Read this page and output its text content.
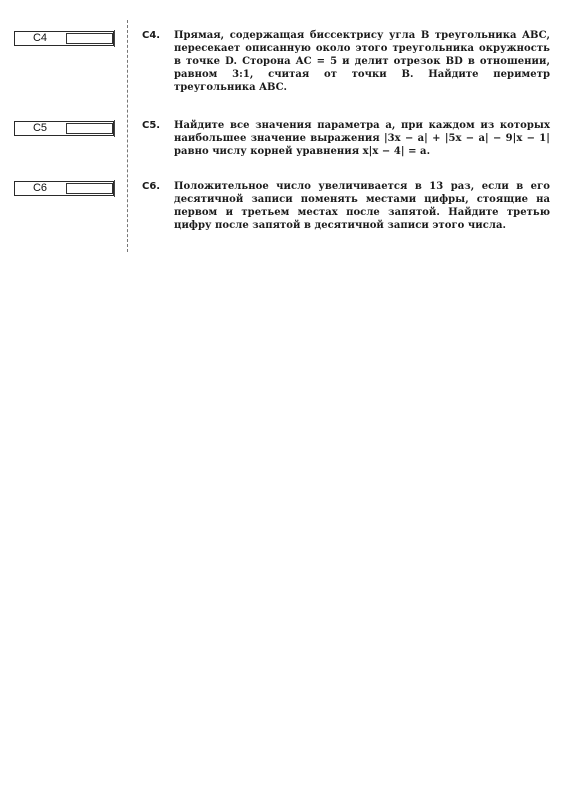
C4
C5
C6
C4. Прямая, содержащая биссектрису угла B треугольника ABC, пересекает описанную около этого треугольника окружность в точке D. Сторона AC = 5 и делит отрезок BD в отношении, равном 3:1, считая от точки B. Найдите периметр треугольника ABC.
C5. Найдите все значения параметра a, при каждом из которых наибольшее значение выражения |3x − a| + |5x − a| − 9|x − 1| равно числу корней уравнения x|x − 4| = a.
C6. Положительное число увеличивается в 13 раз, если в его десятичной записи поменять местами цифры, стоящие на первом и третьем местах после запятой. Найдите третью цифру после запятой в десятичной записи этого числа.
